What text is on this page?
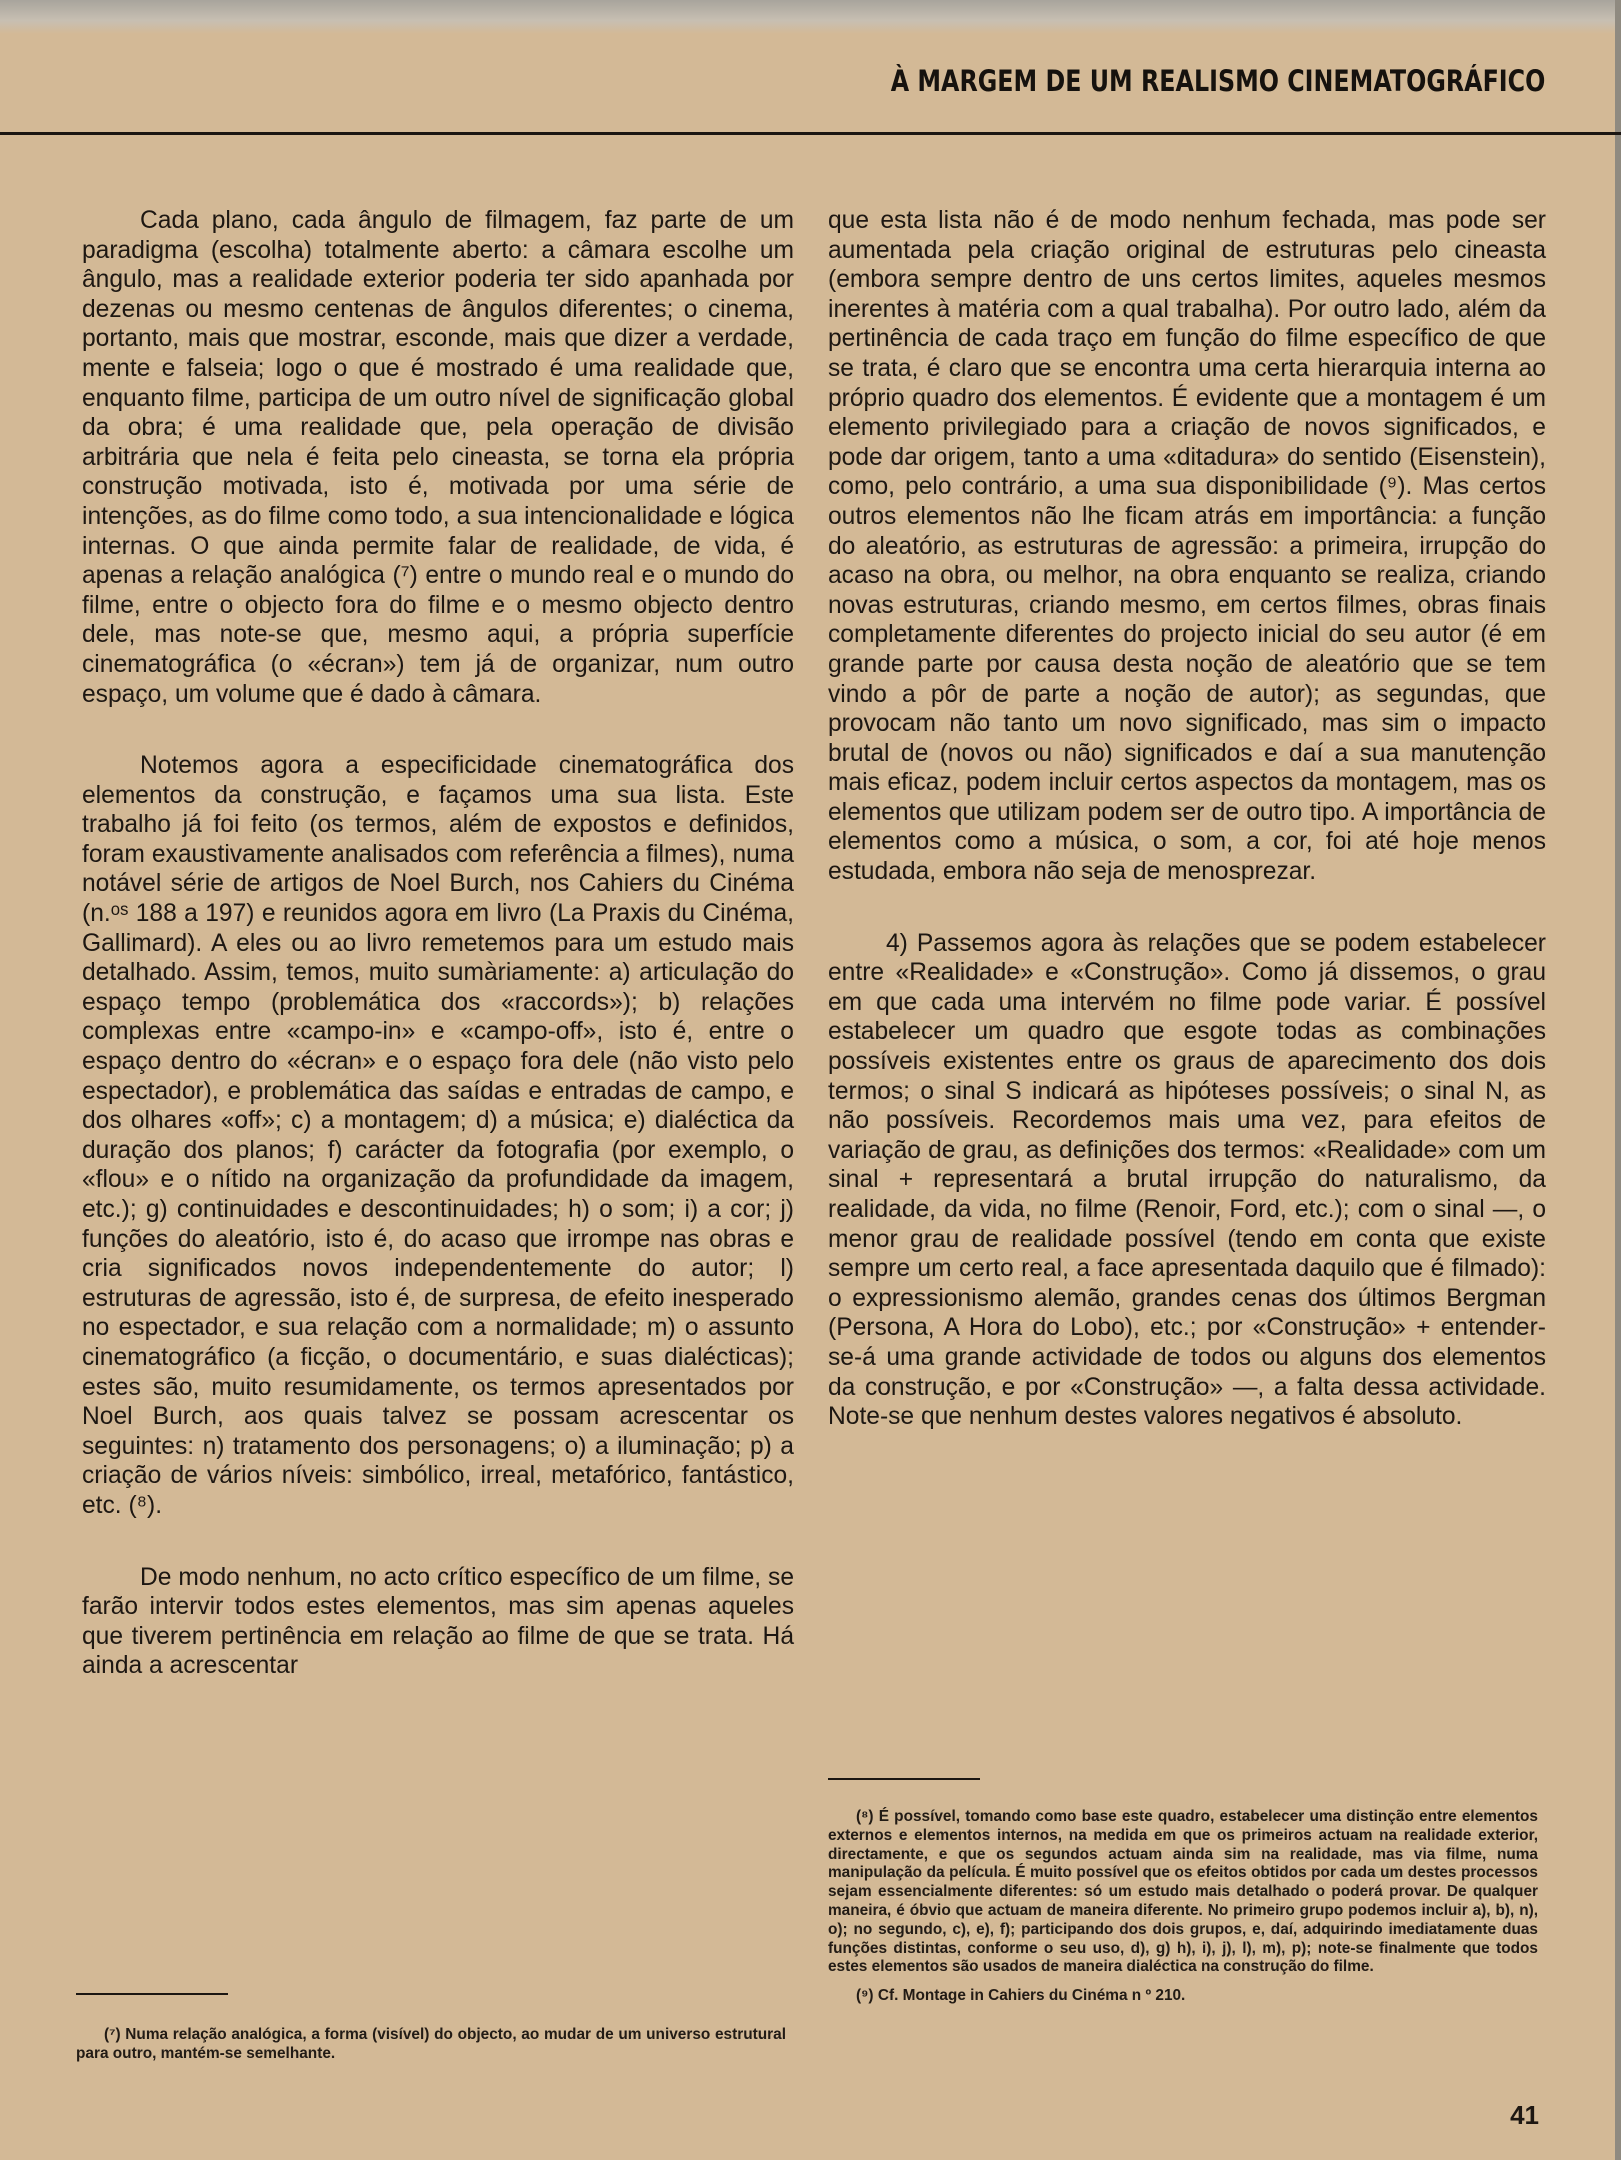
À MARGEM DE UM REALISMO CINEMATOGRÁFICO

Cada plano, cada ângulo de filmagem, faz parte de um paradigma (escolha) totalmente aberto: a câmara escolhe um ângulo, mas a realidade exterior poderia ter sido apanhada por dezenas ou mesmo centenas de ângulos diferentes; o cinema, portanto, mais que mostrar, esconde, mais que dizer a verdade, mente e falseia; logo o que é mostrado é uma realidade que, enquanto filme, participa de um outro nível de significação global da obra; é uma realidade que, pela operação de divisão arbitrária que nela é feita pelo cineasta, se torna ela própria construção motivada, isto é, motivada por uma série de intenções, as do filme como todo, a sua intencionalidade e lógica internas. O que ainda permite falar de realidade, de vida, é apenas a relação analógica (⁷) entre o mundo real e o mundo do filme, entre o objecto fora do filme e o mesmo objecto dentro dele, mas note-se que, mesmo aqui, a própria superfície cinematográfica (o «écran») tem já de organizar, num outro espaço, um volume que é dado à câmara.

Notemos agora a especificidade cinematográfica dos elementos da construção, e façamos uma sua lista. Este trabalho já foi feito (os termos, além de expostos e definidos, foram exaustivamente analisados com referência a filmes), numa notável série de artigos de Noel Burch, nos Cahiers du Cinéma (n.ᵒˢ 188 a 197) e reunidos agora em livro (La Praxis du Cinéma, Gallimard). A eles ou ao livro remetemos para um estudo mais detalhado. Assim, temos, muito sumàriamente: a) articulação do espaço tempo (problemática dos «raccords»); b) relações complexas entre «campo-in» e «campo-off», isto é, entre o espaço dentro do «écran» e o espaço fora dele (não visto pelo espectador), e problemática das saídas e entradas de campo, e dos olhares «off»; c) a montagem; d) a música; e) dialéctica da duração dos planos; f) carácter da fotografia (por exemplo, o «flou» e o nítido na organização da profundidade da imagem, etc.); g) continuidades e descontinuidades; h) o som; i) a cor; j) funções do aleatório, isto é, do acaso que irrompe nas obras e cria significados novos independentemente do autor; l) estruturas de agressão, isto é, de surpresa, de efeito inesperado no espectador, e sua relação com a normalidade; m) o assunto cinematográfico (a ficção, o documentário, e suas dialécticas); estes são, muito resumidamente, os termos apresentados por Noel Burch, aos quais talvez se possam acrescentar os seguintes: n) tratamento dos personagens; o) a iluminação; p) a criação de vários níveis: simbólico, irreal, metafórico, fantástico, etc. (⁸).

De modo nenhum, no acto crítico específico de um filme, se farão intervir todos estes elementos, mas sim apenas aqueles que tiverem pertinência em relação ao filme de que se trata. Há ainda a acrescentar

que esta lista não é de modo nenhum fechada, mas pode ser aumentada pela criação original de estruturas pelo cineasta (embora sempre dentro de uns certos limites, aqueles mesmos inerentes à matéria com a qual trabalha). Por outro lado, além da pertinência de cada traço em função do filme específico de que se trata, é claro que se encontra uma certa hierarquia interna ao próprio quadro dos elementos. É evidente que a montagem é um elemento privilegiado para a criação de novos significados, e pode dar origem, tanto a uma «ditadura» do sentido (Eisenstein), como, pelo contrário, a uma sua disponibilidade (⁹). Mas certos outros elementos não lhe ficam atrás em importância: a função do aleatório, as estruturas de agressão: a primeira, irrupção do acaso na obra, ou melhor, na obra enquanto se realiza, criando novas estruturas, criando mesmo, em certos filmes, obras finais completamente diferentes do projecto inicial do seu autor (é em grande parte por causa desta noção de aleatório que se tem vindo a pôr de parte a noção de autor); as segundas, que provocam não tanto um novo significado, mas sim o impacto brutal de (novos ou não) significados e daí a sua manutenção mais eficaz, podem incluir certos aspectos da montagem, mas os elementos que utilizam podem ser de outro tipo. A importância de elementos como a música, o som, a cor, foi até hoje menos estudada, embora não seja de menosprezar.

4) Passemos agora às relações que se podem estabelecer entre «Realidade» e «Construção». Como já dissemos, o grau em que cada uma intervém no filme pode variar. É possível estabelecer um quadro que esgote todas as combinações possíveis existentes entre os graus de aparecimento dos dois termos; o sinal S indicará as hipóteses possíveis; o sinal N, as não possíveis. Recordemos mais uma vez, para efeitos de variação de grau, as definições dos termos: «Realidade» com um sinal + representará a brutal irrupção do naturalismo, da realidade, da vida, no filme (Renoir, Ford, etc.); com o sinal —, o menor grau de realidade possível (tendo em conta que existe sempre um certo real, a face apresentada daquilo que é filmado): o expressionismo alemão, grandes cenas dos últimos Bergman (Persona, A Hora do Lobo), etc.; por «Construção» + entender-se-á uma grande actividade de todos ou alguns dos elementos da construção, e por «Construção» —, a falta dessa actividade. Note-se que nenhum destes valores negativos é absoluto.

(⁷) Numa relação analógica, a forma (visível) do objecto, ao mudar de um universo estrutural para outro, mantém-se semelhante.

(⁸) É possível, tomando como base este quadro, estabelecer uma distinção entre elementos externos e elementos internos, na medida em que os primeiros actuam na realidade exterior, directamente, e que os segundos actuam ainda sim na realidade, mas via filme, numa manipulação da película. É muito possível que os efeitos obtidos por cada um destes processos sejam essencialmente diferentes: só um estudo mais detalhado o poderá provar. De qualquer maneira, é óbvio que actuam de maneira diferente. No primeiro grupo podemos incluir a), b), n), o); no segundo, c), e), f); participando dos dois grupos, e, daí, adquirindo imediatamente duas funções distintas, conforme o seu uso, d), g) h), i), j), l), m), p); note-se finalmente que todos estes elementos são usados de maneira dialéctica na construção do filme.

(⁹) Cf. Montage in Cahiers du Cinéma n º 210.

41
